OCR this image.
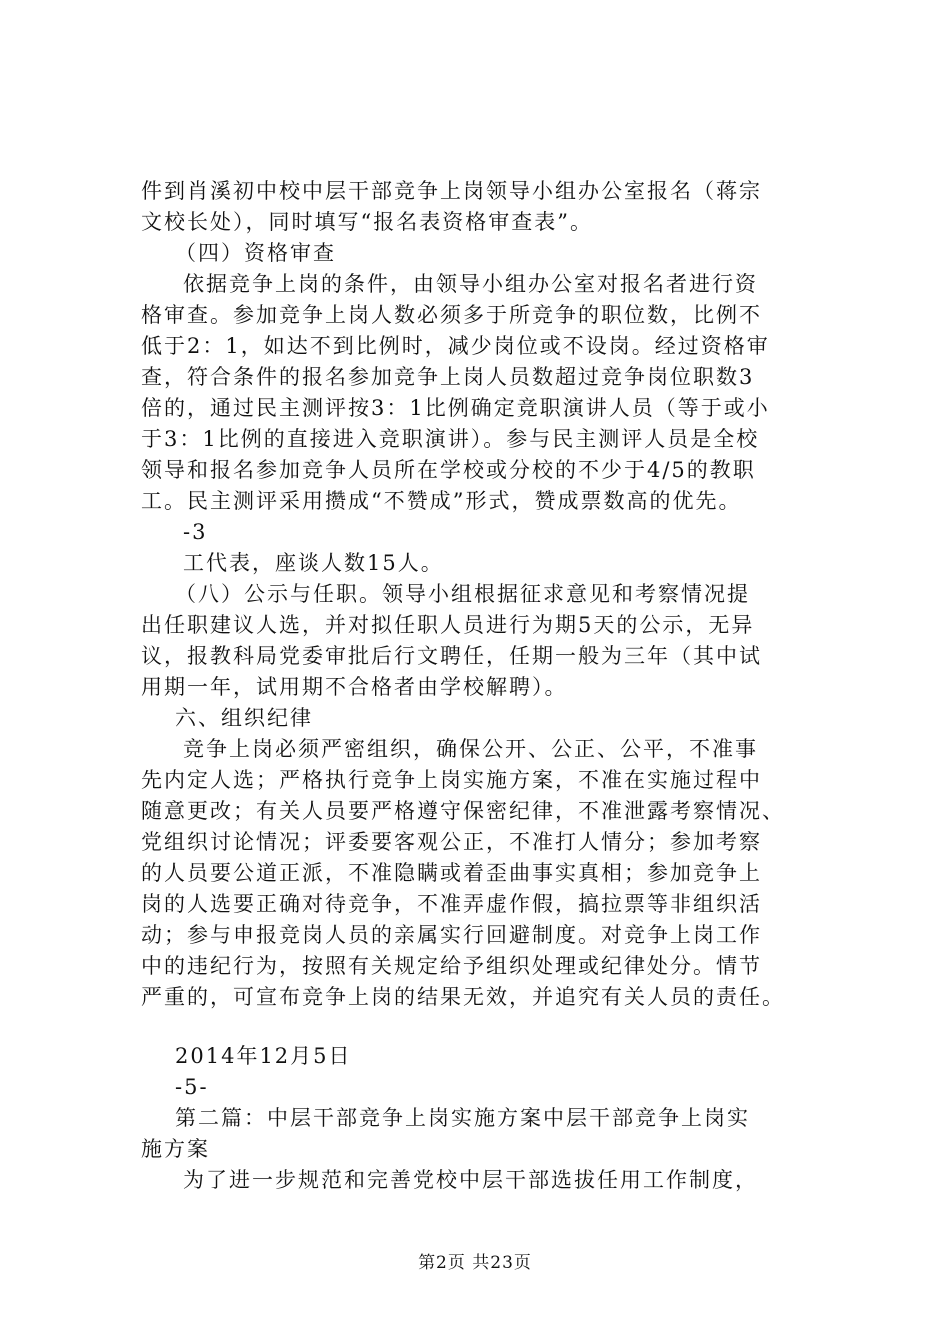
件到肖溪初中校中层干部竞争上岗领导小组办公室报名（蒋宗
文校长处），同时填写“报名表资格审查表”。
（四）资格审查
依据竞争上岗的条件，由领导小组办公室对报名者进行资
格审查。参加竞争上岗人数必须多于所竞争的职位数，比例不
低于2：1，如达不到比例时，减少岗位或不设岗。经过资格审
查，符合条件的报名参加竞争上岗人员数超过竞争岗位职数3
倍的，通过民主测评按3：1比例确定竞职演讲人员（等于或小
于3：1比例的直接进入竞职演讲）。参与民主测评人员是全校
领导和报名参加竞争人员所在学校或分校的不少于4/5的教职
工。民主测评采用攒成“不赞成”形式，赞成票数高的优先。
-3
工代表，座谈人数15人。
（八）公示与任职。领导小组根据征求意见和考察情况提
出任职建议人选，并对拟任职人员进行为期5天的公示，无异
议，报教科局党委审批后行文聘任，任期一般为三年（其中试
用期一年，试用期不合格者由学校解聘）。
六、组织纪律
竞争上岗必须严密组织，确保公开、公正、公平，不准事
先内定人选；严格执行竞争上岗实施方案，不准在实施过程中
随意更改；有关人员要严格遵守保密纪律，不准泄露考察情况、
党组织讨论情况；评委要客观公正，不准打人情分；参加考察
的人员要公道正派，不准隐瞒或着歪曲事实真相；参加竞争上
岗的人选要正确对待竞争，不准弄虚作假，搞拉票等非组织活
动；参与申报竞岗人员的亲属实行回避制度。对竞争上岗工作
中的违纪行为，按照有关规定给予组织处理或纪律处分。情节
严重的，可宣布竞争上岗的结果无效，并追究有关人员的责任。
2014年12月5日
-5-
第二篇：中层干部竞争上岗实施方案中层干部竞争上岗实
施方案
为了进一步规范和完善党校中层干部选拔任用工作制度，
第2页 共23页
